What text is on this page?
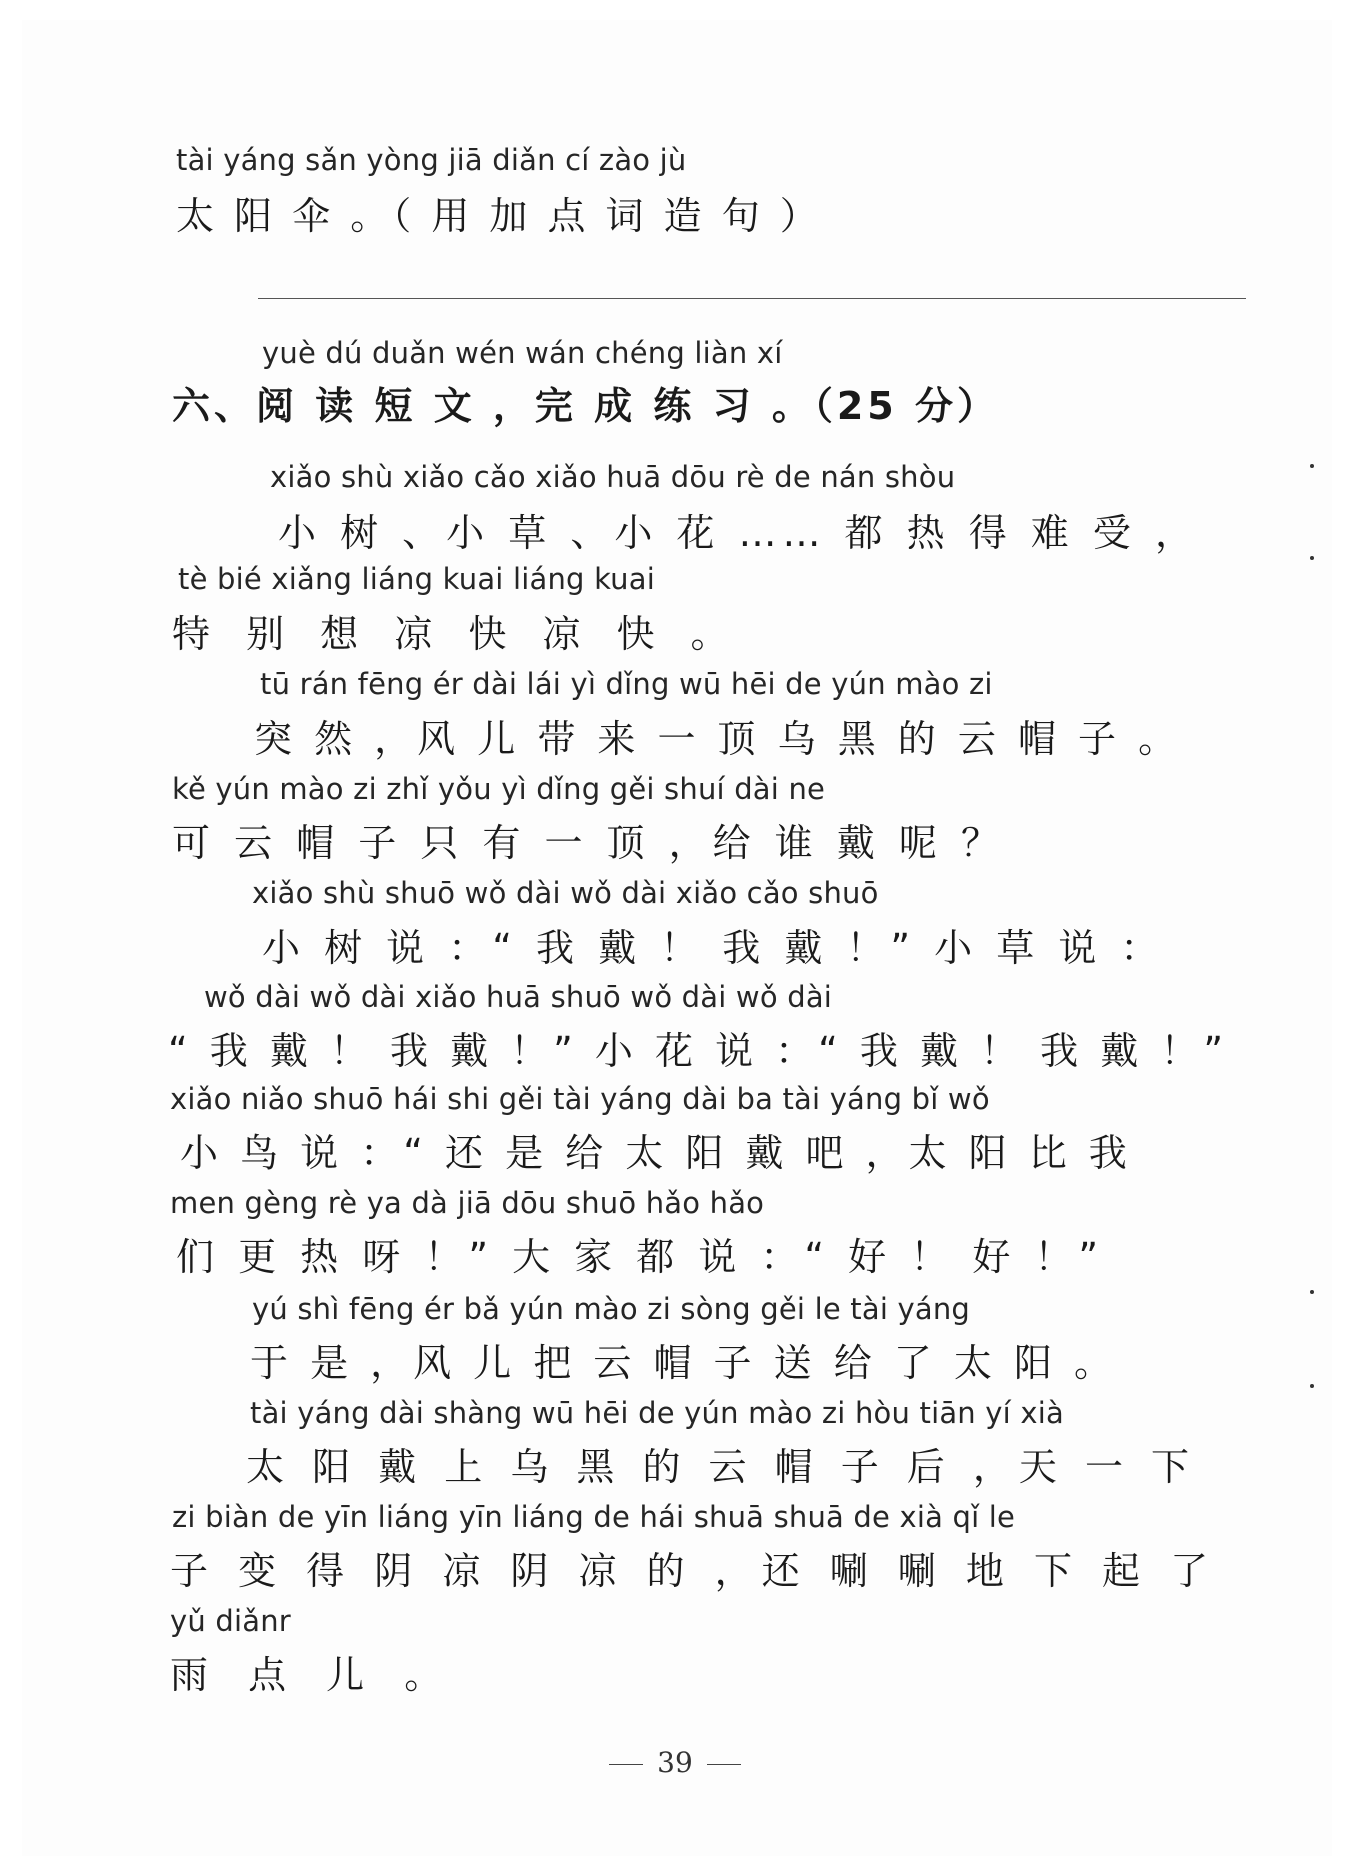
tài yáng sǎn yòng jiā diǎn cí zào jù
太 阳 伞 。（ 用 加 点 词 造 句 ）
yuè dú duǎn wén wán chéng liàn xí
六、阅 读 短 文 ，完 成 练 习 。（25 分）
xiǎo shù xiǎo cǎo xiǎo huā dōu rè de nán shòu
小 树 、小 草 、小 花 …… 都 热 得 难 受 ，
tè bié xiǎng liáng kuai liáng kuai
特 别 想 凉 快 凉 快 。
tū rán fēng ér dài lái yì dǐng wū hēi de yún mào zi
突 然 ，风 儿 带 来 一 顶 乌 黑 的 云 帽 子 。
kě yún mào zi zhǐ yǒu yì dǐng gěi shuí dài ne
可 云 帽 子 只 有 一 顶 ，给 谁 戴 呢 ？
xiǎo shù shuō wǒ dài wǒ dài xiǎo cǎo shuō
小 树 说 ：“ 我 戴 ！ 我 戴 ！” 小 草 说 ：
wǒ dài wǒ dài xiǎo huā shuō wǒ dài wǒ dài
“ 我 戴 ！ 我 戴 ！” 小 花 说 ：“ 我 戴 ！ 我 戴 ！”
xiǎo niǎo shuō hái shi gěi tài yáng dài ba tài yáng bǐ wǒ
小 鸟 说 ：“ 还 是 给 太 阳 戴 吧 ，太 阳 比 我
men gèng rè ya dà jiā dōu shuō hǎo hǎo
们 更 热 呀 ！” 大 家 都 说 ：“ 好 ！ 好 ！”
yú shì fēng ér bǎ yún mào zi sòng gěi le tài yáng
于 是 ，风 儿 把 云 帽 子 送 给 了 太 阳 。
tài yáng dài shàng wū hēi de yún mào zi hòu tiān yí xià
太 阳 戴 上 乌 黑 的 云 帽 子 后 ，天 一 下
zi biàn de yīn liáng yīn liáng de hái shuā shuā de xià qǐ le
子 变 得 阴 凉 阴 凉 的 ，还 唰 唰 地 下 起 了
yǔ diǎnr
雨 点 儿 。
39
